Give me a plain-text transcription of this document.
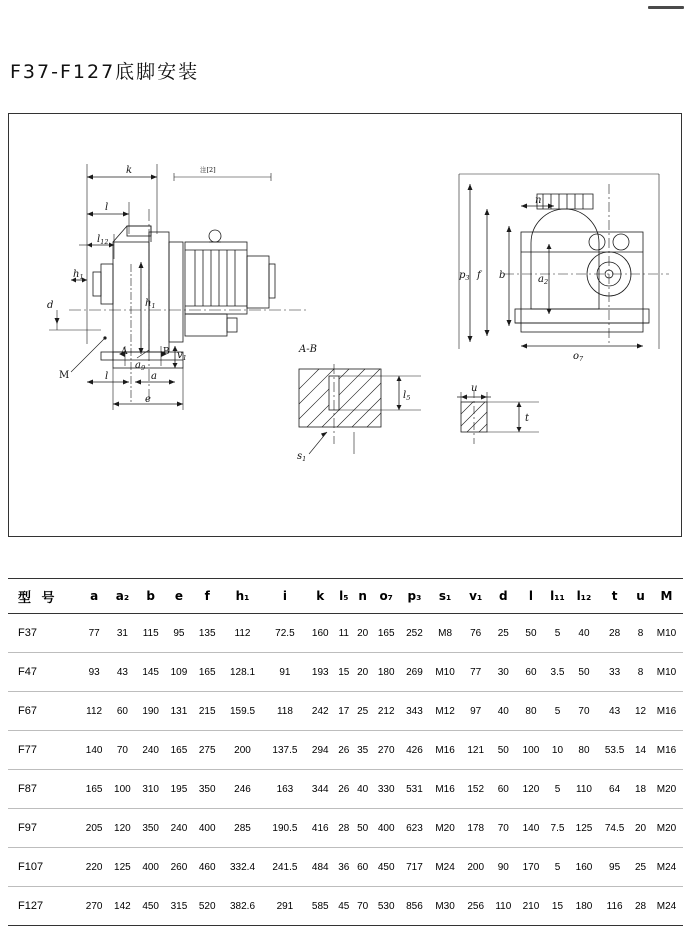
F37-F127底脚安装
k	注[2]
l
$l_{12}$
$h_1$
d
M
$h_1$
A	B $v_1$
$a_9$
l	a
e
A-B
$s_1$
$l_5$
u
t
n
$p_3$ f b	$a_2$
$o_7$
型 号	a	a₂	b	e	f	h₁	i	k	l₅	n	o₇	p₃	s₁	v₁	d	l	l₁₁	l₁₂	t	u	M
F37	77	31	115	95	135	112	72.5	160	11	20	165	252	M8	76	25	50	5	40	28	8	M10
F47	93	43	145	109	165	128.1	91	193	15	20	180	269	M10	77	30	60	3.5	50	33	8	M10
F67	112	60	190	131	215	159.5	118	242	17	25	212	343	M12	97	40	80	5	70	43	12	M16
F77	140	70	240	165	275	200	137.5	294	26	35	270	426	M16	121	50	100	10	80	53.5	14	M16
F87	165	100	310	195	350	246	163	344	26	40	330	531	M16	152	60	120	5	110	64	18	M20
F97	205	120	350	240	400	285	190.5	416	28	50	400	623	M20	178	70	140	7.5	125	74.5	20	M20
F107	220	125	400	260	460	332.4	241.5	484	36	60	450	717	M24	200	90	170	5	160	95	25	M24
F127	270	142	450	315	520	382.6	291	585	45	70	530	856	M30	256	110	210	15	180	116	28	M24
